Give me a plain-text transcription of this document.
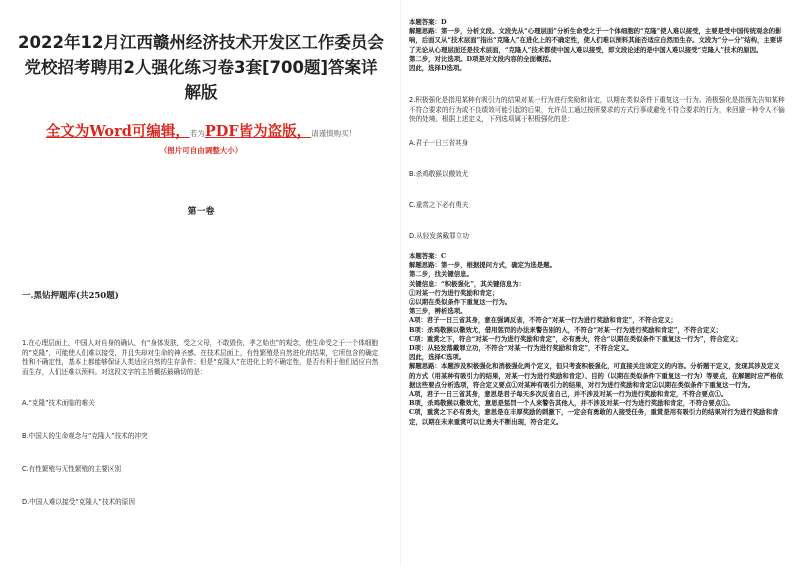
2022年12月江西赣州经济技术开发区工作委员会党校招考聘用2人强化练习卷3套[700题]答案详解版
全文为Word可编辑，若为PDF皆为盗版，请谨慎购买！
（图片可自由调整大小）
第一卷
一.黑钻押题库(共250题)
1.在心理层面上，中国人对自身的确认，有“身体发肤，受之父母，不敢毁伤，孝之始也”的观念，使生命受之于一个体细胞的“克隆”，可能使人们难以接受，并且失却对生命的神圣感。在技术层面上，有性繁殖是自然进化的结果，它所包含的确定性和不确定性，基本上都能够保证人类适应自然的生存条件；但是“克隆人”在进化上的不确定性，是否有利于他们适应自然而生存，人们还难以预料。对这段文字的主旨概括最确切的是：
A.“克隆”技术面临的难关
B.中国人的生命观念与“克隆人”技术的冲突
C.有性繁殖与无性繁殖的主要区别
D.中国人难以接受“克隆人”技术的原因

本题答案：D

解题思路：第一步，分析文段。文段先从“心理层面”分析生命受之于一个体细胞的“克隆”使人难以接受，主要是受中国传统观念的影响，后面又从“技术层面”指出“克隆人”在进化上的不确定性，使人们难以预料其能否适应自然而生存。文段为“分—分”结构，主要讲了无论从心理层面还是技术层面，“克隆人”技术都使中国人难以接受，即文段论述的是中国人难以接受“克隆人”技术的原因。

第二步，对比选项。D项是对文段内容的全面概括。

因此，选择D选项。

2.积极强化是指用某种有吸引力的结果对某一行为进行奖励和肯定，以期在类似条件下重复这一行为。消极强化是指预先告知某种不符合要求的行为或不良绩效可能引起的后果，允许员工通过按所要求的方式行事或避免不符合要求的行为，来回避一种令人不愉快的处境。根据上述定义，下列选项属于积极强化的是：
A.君子一日三省其身
B.杀鸡敬猴以儆效尤
C.重赏之下必有勇夫
D.从轻发落戴罪立功

本题答案：C

解题思路：第一步，根据提问方式，确定为选是题。

第二步，找关键信息。

关键信息：“积极强化”，其关键信息为：

①对某一行为进行奖励和肯定；

②以期在类似条件下重复这一行为。

第三步，辨析选项。

A项：君子一日三省其身，意在强调反省，不符合“对某一行为进行奖励和肯定”，不符合定义；

B项：杀鸡敬猴以儆效尤，借用惩罚的办法来警告别的人，不符合“对某一行为进行奖励和肯定”，不符合定义；

C项：重赏之下，符合“对某一行为进行奖励和肯定”，必有勇夫，符合“以期在类似条件下重复这一行为”，符合定义；

D项：从轻发落戴罪立功，不符合“对某一行为进行奖励和肯定”，不符合定义。

因此，选择C选项。

解题思路：本题涉及积极强化和消极强化两个定义，但只考查积极强化，可直接关注该定义的内容。分析题干定义，发现其涉及定义的方式（用某种有吸引力的结果，对某一行为进行奖励和肯定）、目的（以期在类似条件下重复这一行为）等要点，在解题时应严格依据这些要点分析选项，符合定义要点①对某种有吸引力的结果，对行为进行奖励和肯定②以期在类似条件下重复这一行为。

A项，君子一日三省其身，意思是君子每天多次反省自己，并不涉及对某一行为进行奖励和肯定，不符合要点①。

B项，杀鸡敬猴以儆效尤，意思是惩罚一个人来警告其他人，并不涉及对某一行为进行奖励和肯定，不符合要点①。

C项，重赏之下必有勇夫，意思是在丰厚奖励的刺激下，一定会有勇敢的人接受任务，重赏是用有吸引力的结果对行为进行奖励和肯定，以期在未来重赏可以让勇夫不断出现，符合定义。
